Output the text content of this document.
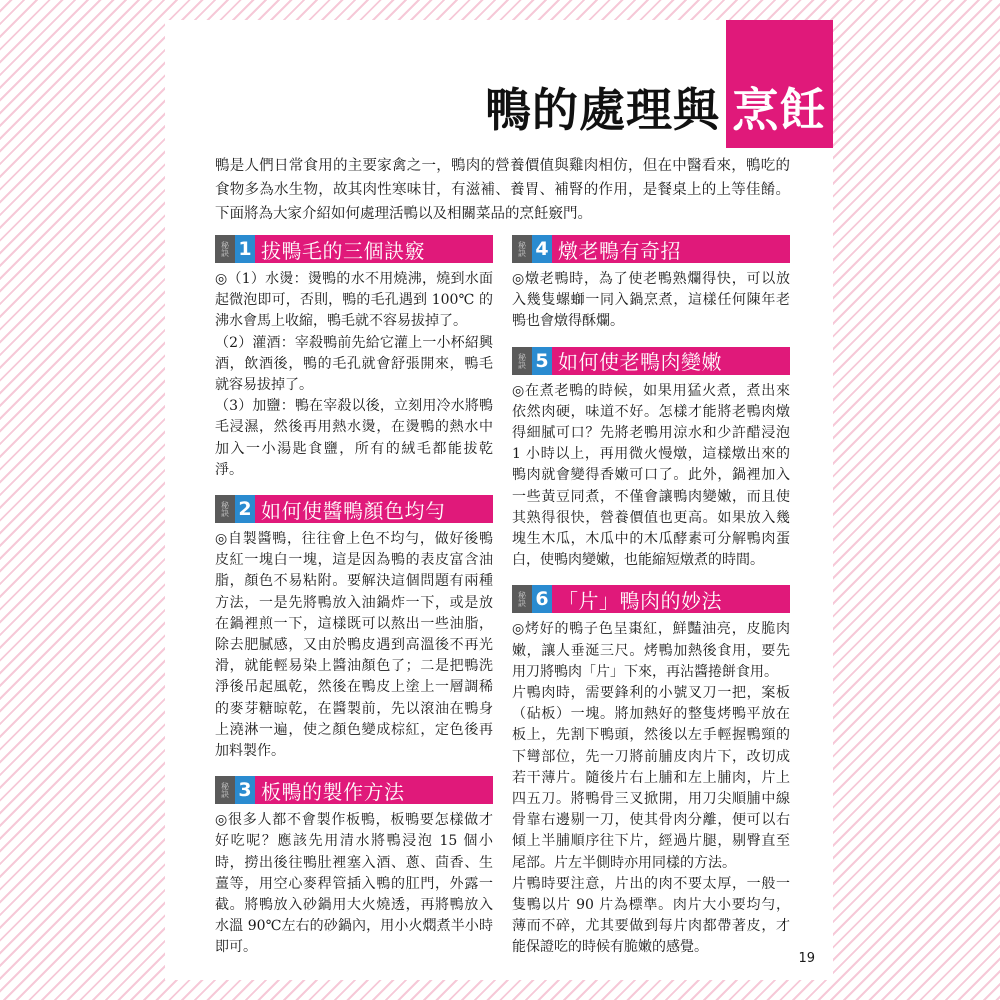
鴨的處理與 烹飪
鴨是人們日常食用的主要家禽之一，鴨肉的營養價值與雞肉相仿，但在中醫看來，鴨吃的食物多為水生物，故其肉性寒味甘，有滋補、養胃、補腎的作用，是餐桌上的上等佳餚。下面將為大家介紹如何處理活鴨以及相關菜品的烹飪竅門。
秘訣 1 拔鴨毛的三個訣竅

◎（1）水燙：燙鴨的水不用燒沸，燒到水面起微泡即可，否則，鴨的毛孔遇到 100℃ 的沸水會馬上收縮，鴨毛就不容易拔掉了。

（2）灌酒：宰殺鴨前先給它灌上一小杯紹興酒，飲酒後，鴨的毛孔就會舒張開來，鴨毛就容易拔掉了。

（3）加鹽：鴨在宰殺以後，立刻用冷水將鴨毛浸濕，然後再用熱水燙，在燙鴨的熱水中加入一小湯匙食鹽，所有的絨毛都能拔乾淨。

秘訣 2 如何使醬鴨顏色均勻

◎自製醬鴨，往往會上色不均勻，做好後鴨皮紅一塊白一塊，這是因為鴨的表皮富含油脂，顏色不易粘附。要解決這個問題有兩種方法，一是先將鴨放入油鍋炸一下，或是放在鍋裡煎一下，這樣既可以熬出一些油脂，除去肥膩感，又由於鴨皮遇到高溫後不再光滑，就能輕易染上醬油顏色了；二是把鴨洗淨後吊起風乾，然後在鴨皮上塗上一層調稀的麥芽糖晾乾，在醬製前，先以滾油在鴨身上澆淋一遍，使之顏色變成棕紅，定色後再加料製作。

秘訣 3 板鴨的製作方法

◎很多人都不會製作板鴨，板鴨要怎樣做才好吃呢？應該先用清水將鴨浸泡 15 個小時，撈出後往鴨肚裡塞入酒、蔥、茴香、生薑等，用空心麥稈管插入鴨的肛門，外露一截。將鴨放入砂鍋用大火燒透，再將鴨放入水溫 90℃左右的砂鍋內，用小火燜煮半小時即可。

秘訣 4 燉老鴨有奇招

◎燉老鴨時，為了使老鴨熟爛得快，可以放入幾隻螺螄一同入鍋烹煮，這樣任何陳年老鴨也會燉得酥爛。

秘訣 5 如何使老鴨肉變嫩

◎在煮老鴨的時候，如果用猛火煮，煮出來依然肉硬，味道不好。怎樣才能將老鴨肉燉得細膩可口？先將老鴨用涼水和少許醋浸泡 1 小時以上，再用微火慢燉，這樣燉出來的鴨肉就會變得香嫩可口了。此外，鍋裡加入一些黃豆同煮，不僅會讓鴨肉變嫩，而且使其熟得很快，營養價值也更高。如果放入幾塊生木瓜，木瓜中的木瓜酵素可分解鴨肉蛋白，使鴨肉變嫩，也能縮短燉煮的時間。

秘訣 6 「片」鴨肉的妙法

◎烤好的鴨子色呈棗紅，鮮豔油亮，皮脆肉嫩，讓人垂涎三尺。烤鴨加熱後食用，要先用刀將鴨肉「片」下來，再沾醬捲餅食用。

片鴨肉時，需要鋒利的小號叉刀一把，案板（砧板）一塊。將加熱好的整隻烤鴨平放在板上，先割下鴨頭，然後以左手輕握鴨頸的下彎部位，先一刀將前脯皮肉片下，改切成若干薄片。隨後片右上脯和左上脯肉，片上四五刀。將鴨骨三叉掀開，用刀尖順脯中線骨靠右邊剔一刀，使其骨肉分離，便可以右傾上半脯順序往下片，經過片腿，剔臀直至尾部。片左半側時亦用同樣的方法。

片鴨時要注意，片出的肉不要太厚，一般一隻鴨以片 90 片為標準。肉片大小要均勻，薄而不碎，尤其要做到每片肉都帶著皮，才能保證吃的時候有脆嫩的感覺。

19
